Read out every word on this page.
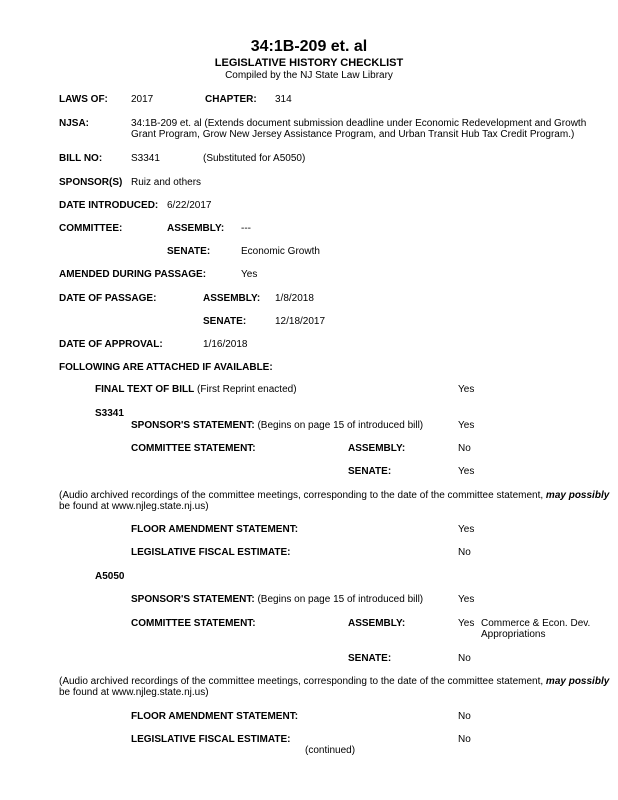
34:1B-209 et. al
LEGISLATIVE HISTORY CHECKLIST
Compiled by the NJ State Law Library
LAWS OF: 2017	CHAPTER: 314
NJSA:	34:1B-209 et. al (Extends document submission deadline under Economic Redevelopment and Growth
Grant Program, Grow New Jersey Assistance Program, and Urban Transit Hub Tax Credit Program.)
BILL NO:	S3341	(Substituted for A5050)
SPONSOR(S) Ruiz and others
DATE INTRODUCED: 6/22/2017
COMMITTEE:	ASSEMBLY: ---
SENATE:	Economic Growth
AMENDED DURING PASSAGE:	Yes
DATE OF PASSAGE:	ASSEMBLY: 1/8/2018
SENATE:	12/18/2017
DATE OF APPROVAL:	1/16/2018
FOLLOWING ARE ATTACHED IF AVAILABLE:
FINAL TEXT OF BILL (First Reprint enacted)	Yes
S3341
SPONSOR'S STATEMENT: (Begins on page 15 of introduced bill)	Yes
COMMITTEE STATEMENT:	ASSEMBLY:	No
SENATE:	Yes
(Audio archived recordings of the committee meetings, corresponding to the date of the committee statement, may possibly
be found at www.njleg.state.nj.us)
FLOOR AMENDMENT STATEMENT:	Yes
LEGISLATIVE FISCAL ESTIMATE:	No
A5050
SPONSOR'S STATEMENT: (Begins on page 15 of introduced bill)	Yes
COMMITTEE STATEMENT:	ASSEMBLY:	Yes Commerce & Econ. Dev.
Appropriations
SENATE:	No
(Audio archived recordings of the committee meetings, corresponding to the date of the committee statement, may possibly
be found at www.njleg.state.nj.us)
FLOOR AMENDMENT STATEMENT:	No
LEGISLATIVE FISCAL ESTIMATE:	No
(continued)
